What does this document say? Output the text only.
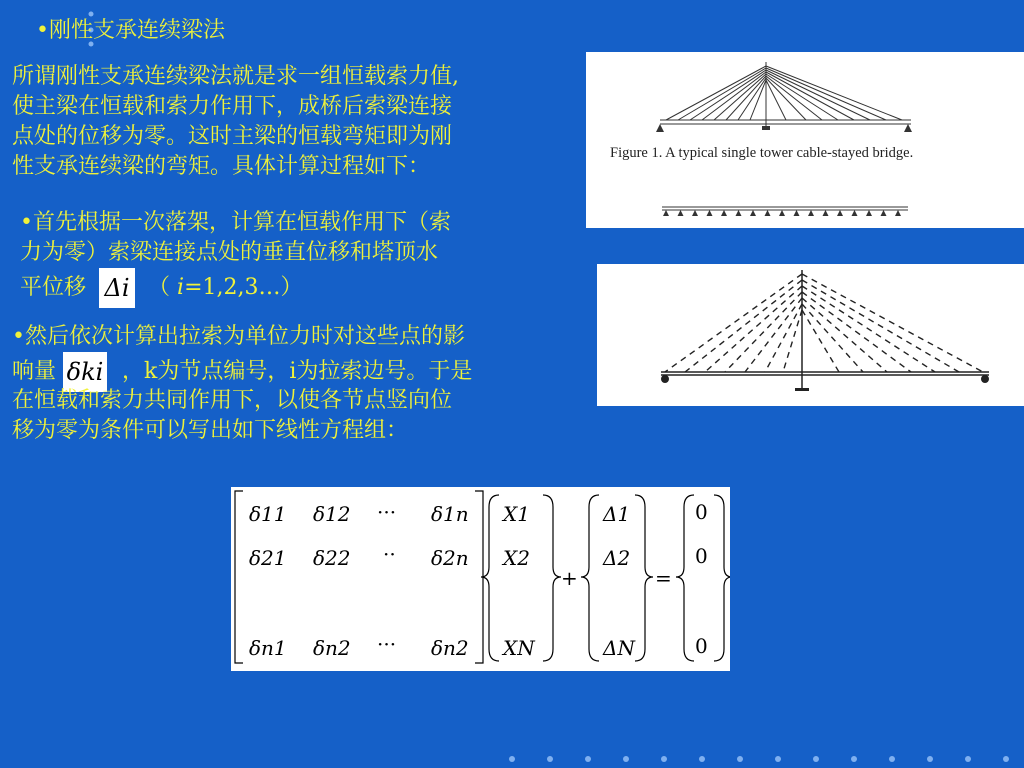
•刚性支承连续梁法
所谓刚性支承连续梁法就是求一组恒载索力值,
使主梁在恒载和索力作用下，成桥后索梁连接
点处的位移为零。这时主梁的恒载弯矩即为刚
性支承连续梁的弯矩。具体计算过程如下：
•首先根据一次落架，计算在恒载作用下（索
力为零）索梁连接点处的垂直位移和塔顶水
平位移 Δi （ i=1,2,3…）
•然后依次计算出拉索为单位力时对这些点的影
响量 δki ，k为节点编号，i为拉索边号。于是
在恒载和索力共同作用下，以使各节点竖向位
移为零为条件可以写出如下线性方程组：
Figure 1. A typical single tower cable-stayed bridge.
δ11 δ12 ··· δ1n
δ21 δ22 ·· δ2n
δn1 δn2 ··· δn2
X1
X2
XN
Δ1
Δ2
ΔN
+	=
0
0
0
